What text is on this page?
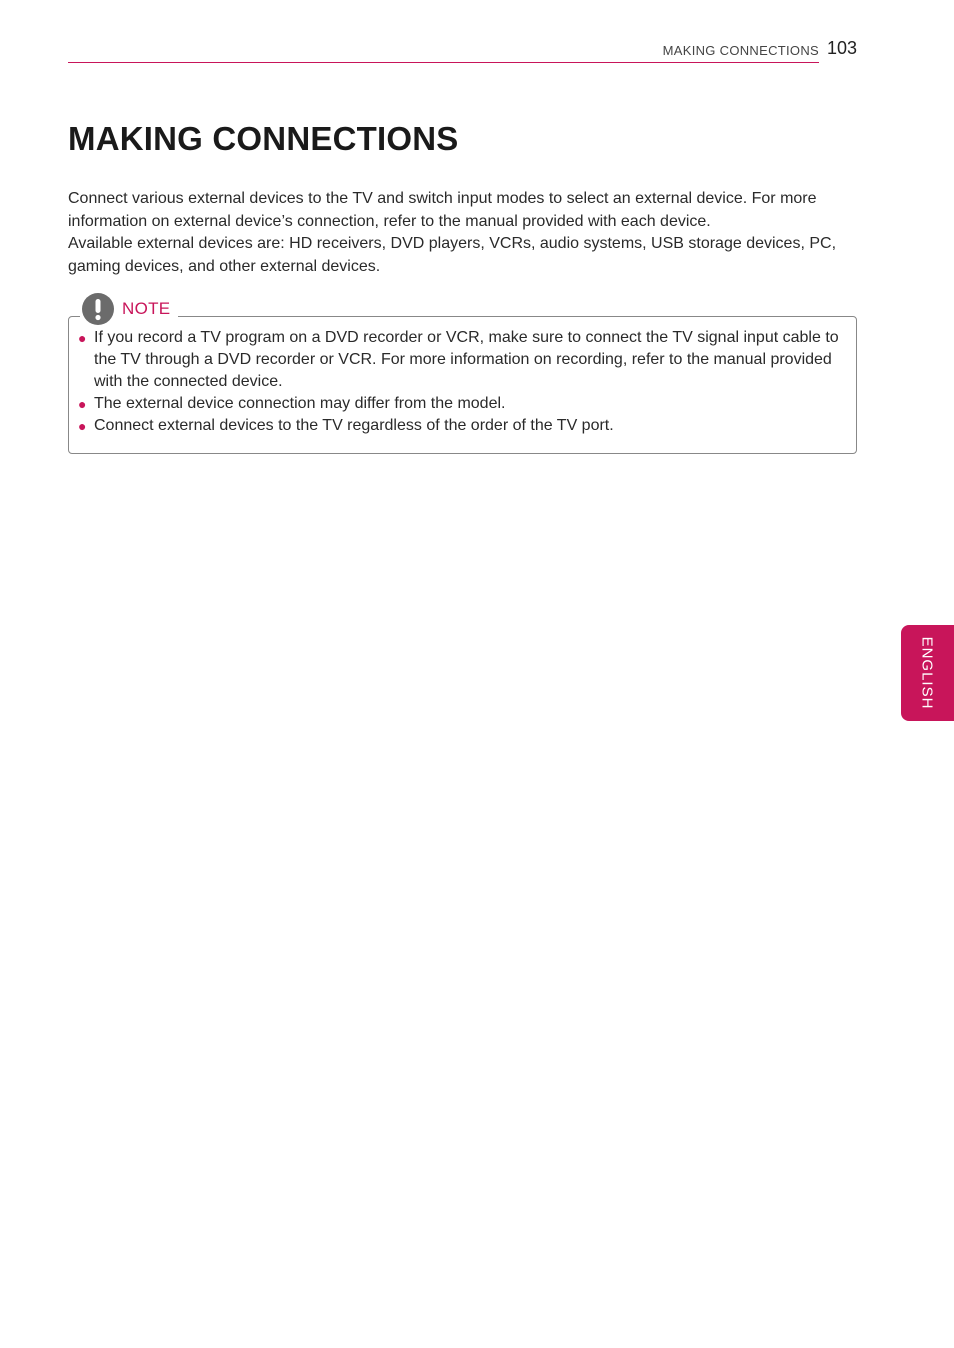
MAKING CONNECTIONS 103
MAKING CONNECTIONS

Connect various external devices to the TV and switch input modes to select an external device. For more information on external device’s connection, refer to the manual provided with each device.

Available external devices are: HD receivers, DVD players, VCRs, audio systems, USB storage devices, PC, gaming devices, and other external devices.

NOTE
● If you record a TV program on a DVD recorder or VCR, make sure to connect the TV signal input cable to the TV through a DVD recorder or VCR. For more information on recording, refer to the manual provided with the connected device.
● The external device connection may differ from the model.
● Connect external devices to the TV regardless of the order of the TV port.
ENGLISH
